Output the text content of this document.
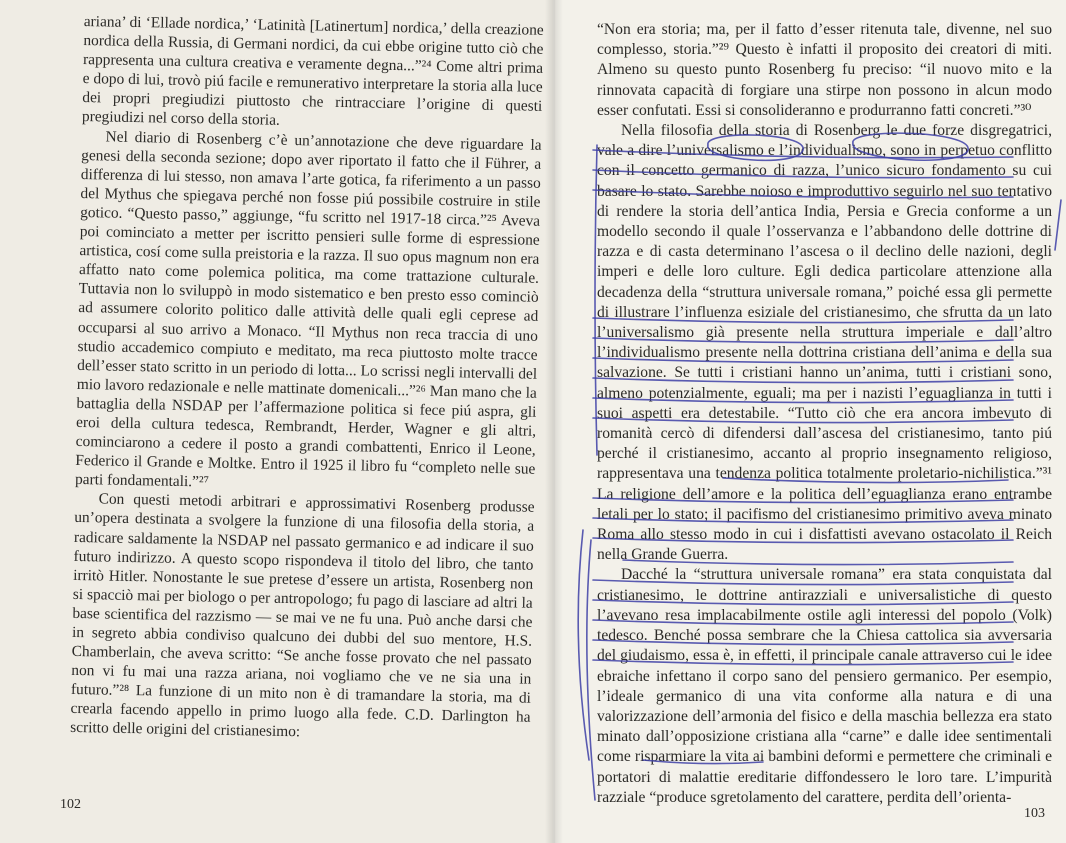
ariana’ di ‘Ellade nordica,’ ‘Latinità [Latinertum] nordica,’ della creazione nordica della Russia, di Germani nordici, da cui ebbe origine tutto ciò che rappresenta una cultura creativa e veramente degna...”²⁴ Come altri prima e dopo di lui, trovò piú facile e remunerativo interpretare la storia alla luce dei propri pregiudizi piuttosto che rintracciare l’origine di questi pregiudizi nel corso della storia.

Nel diario di Rosenberg c’è un’annotazione che deve riguardare la genesi della seconda sezione; dopo aver riportato il fatto che il Führer, a differenza di lui stesso, non amava l’arte gotica, fa riferimento a un passo del Mythus che spiegava perché non fosse piú possibile costruire in stile gotico. “Questo passo,” aggiunge, “fu scritto nel 1917-18 circa.”²⁵ Aveva poi cominciato a metter per iscritto pensieri sulle forme di espressione artistica, cosí come sulla preistoria e la razza. Il suo opus magnum non era affatto nato come polemica politica, ma come trattazione culturale. Tuttavia non lo sviluppò in modo sistematico e ben presto esso cominciò ad assumere colorito politico dalle attività delle quali egli ceprese ad occuparsi al suo arrivo a Monaco. “Il Mythus non reca traccia di uno studio accademico compiuto e meditato, ma reca piuttosto molte tracce dell’esser stato scritto in un periodo di lotta... Lo scrissi negli intervalli del mio lavoro redazionale e nelle mattinate domenicali...”²⁶ Man mano che la battaglia della NSDAP per l’affermazione politica si fece piú aspra, gli eroi della cultura tedesca, Rembrandt, Herder, Wagner e gli altri, cominciarono a cedere il posto a grandi combattenti, Enrico il Leone, Federico il Grande e Moltke. Entro il 1925 il libro fu “completo nelle sue parti fondamentali.”²⁷

Con questi metodi arbitrari e approssimativi Rosenberg produsse un’opera destinata a svolgere la funzione di una filosofia della storia, a radicare saldamente la NSDAP nel passato germanico e ad indicare il suo futuro indirizzo. A questo scopo rispondeva il titolo del libro, che tanto irritò Hitler. Nonostante le sue pretese d’essere un artista, Rosenberg non si spacciò mai per biologo o per antropologo; fu pago di lasciare ad altri la base scientifica del razzismo — se mai ve ne fu una. Può anche darsi che in segreto abbia condiviso qualcuno dei dubbi del suo mentore, H.S. Chamberlain, che aveva scritto: “Se anche fosse provato che nel passato non vi fu mai una razza ariana, noi vogliamo che ve ne sia una in futuro.”²⁸ La funzione di un mito non è di tramandare la storia, ma di crearla facendo appello in primo luogo alla fede. C.D. Darlington ha scritto delle origini del cristianesimo:

102

“Non era storia; ma, per il fatto d’esser ritenuta tale, divenne, nel suo complesso, storia.”²⁹ Questo è infatti il proposito dei creatori di miti. Almeno su questo punto Rosenberg fu preciso: “il nuovo mito e la rinnovata capacità di forgiare una stirpe non possono in alcun modo esser confutati. Essi si consolideranno e produrranno fatti concreti.”³⁰

Nella filosofia della storia di Rosenberg le due forze disgregatrici, vale a dire l’universalismo e l’individualismo, sono in perpetuo conflitto con il concetto germanico di razza, l’unico sicuro fondamento su cui basare lo stato. Sarebbe noioso e improduttivo seguirlo nel suo tentativo di rendere la storia dell’antica India, Persia e Grecia conforme a un modello secondo il quale l’osservanza e l’abbandono delle dottrine di razza e di casta determinano l’ascesa o il declino delle nazioni, degli imperi e delle loro culture. Egli dedica particolare attenzione alla decadenza della “struttura universale romana,” poiché essa gli permette di illustrare l’influenza esiziale del cristianesimo, che sfrutta da un lato l’universalismo già presente nella struttura imperiale e dall’altro l’individualismo presente nella dottrina cristiana dell’anima e della sua salvazione. Se tutti i cristiani hanno un’anima, tutti i cristiani sono, almeno potenzialmente, eguali; ma per i nazisti l’eguaglianza in tutti i suoi aspetti era detestabile. “Tutto ciò che era ancora imbevuto di romanità cercò di difendersi dall’ascesa del cristianesimo, tanto piú perché il cristianesimo, accanto al proprio insegnamento religioso, rappresentava una tendenza politica totalmente proletario-nichilistica.”³¹ La religione dell’amore e la politica dell’eguaglianza erano entrambe letali per lo stato; il pacifismo del cristianesimo primitivo aveva minato Roma allo stesso modo in cui i disfattisti avevano ostacolato il Reich nella Grande Guerra.

Dacché la “struttura universale romana” era stata conquistata dal cristianesimo, le dottrine antirazziali e universalistiche di questo l’avevano resa implacabilmente ostile agli interessi del popolo (Volk) tedesco. Benché possa sembrare che la Chiesa cattolica sia avversaria del giudaismo, essa è, in effetti, il principale canale attraverso cui le idee ebraiche infettano il corpo sano del pensiero germanico. Per esempio, l’ideale germanico di una vita conforme alla natura e di una valorizzazione dell’armonia del fisico e della maschia bellezza era stato minato dall’opposizione cristiana alla “carne” e dalle idee sentimentali come risparmiare la vita ai bambini deformi e permettere che criminali e portatori di malattie ereditarie diffondessero le loro tare. L’impurità razziale “produce sgretolamento del carattere, perdita dell’orienta-

103
